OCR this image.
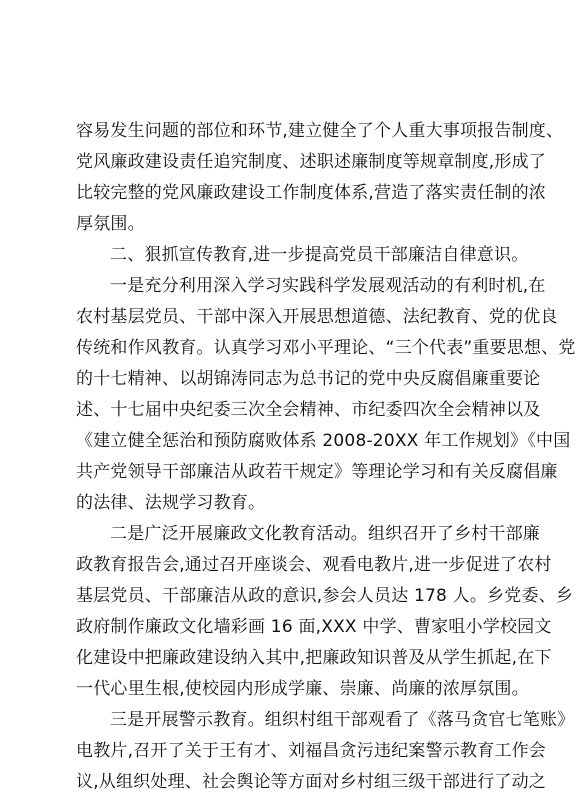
容易发生问题的部位和环节,建立健全了个人重大事项报告制度、
党风廉政建设责任追究制度、述职述廉制度等规章制度,形成了
比较完整的党风廉政建设工作制度体系,营造了落实责任制的浓
厚氛围。
二、狠抓宣传教育,进一步提高党员干部廉洁自律意识。
一是充分利用深入学习实践科学发展观活动的有利时机,在
农村基层党员、干部中深入开展思想道德、法纪教育、党的优良
传统和作风教育。认真学习邓小平理论、“三个代表”重要思想、党
的十七精神、以胡锦涛同志为总书记的党中央反腐倡廉重要论
述、十七届中央纪委三次全会精神、市纪委四次全会精神以及
《建立健全惩治和预防腐败体系 2008-20XX 年工作规划》《中国
共产党领导干部廉洁从政若干规定》等理论学习和有关反腐倡廉
的法律、法规学习教育。
二是广泛开展廉政文化教育活动。组织召开了乡村干部廉
政教育报告会,通过召开座谈会、观看电教片,进一步促进了农村
基层党员、干部廉洁从政的意识,参会人员达 178 人。乡党委、乡
政府制作廉政文化墙彩画 16 面,XXX 中学、曹家咀小学校园文
化建设中把廉政建设纳入其中,把廉政知识普及从学生抓起,在下
一代心里生根,使校园内形成学廉、崇廉、尚廉的浓厚氛围。
三是开展警示教育。组织村组干部观看了《落马贪官七笔账》
电教片,召开了关于王有才、刘福昌贪污违纪案警示教育工作会
议,从组织处理、社会舆论等方面对乡村组三级干部进行了动之
